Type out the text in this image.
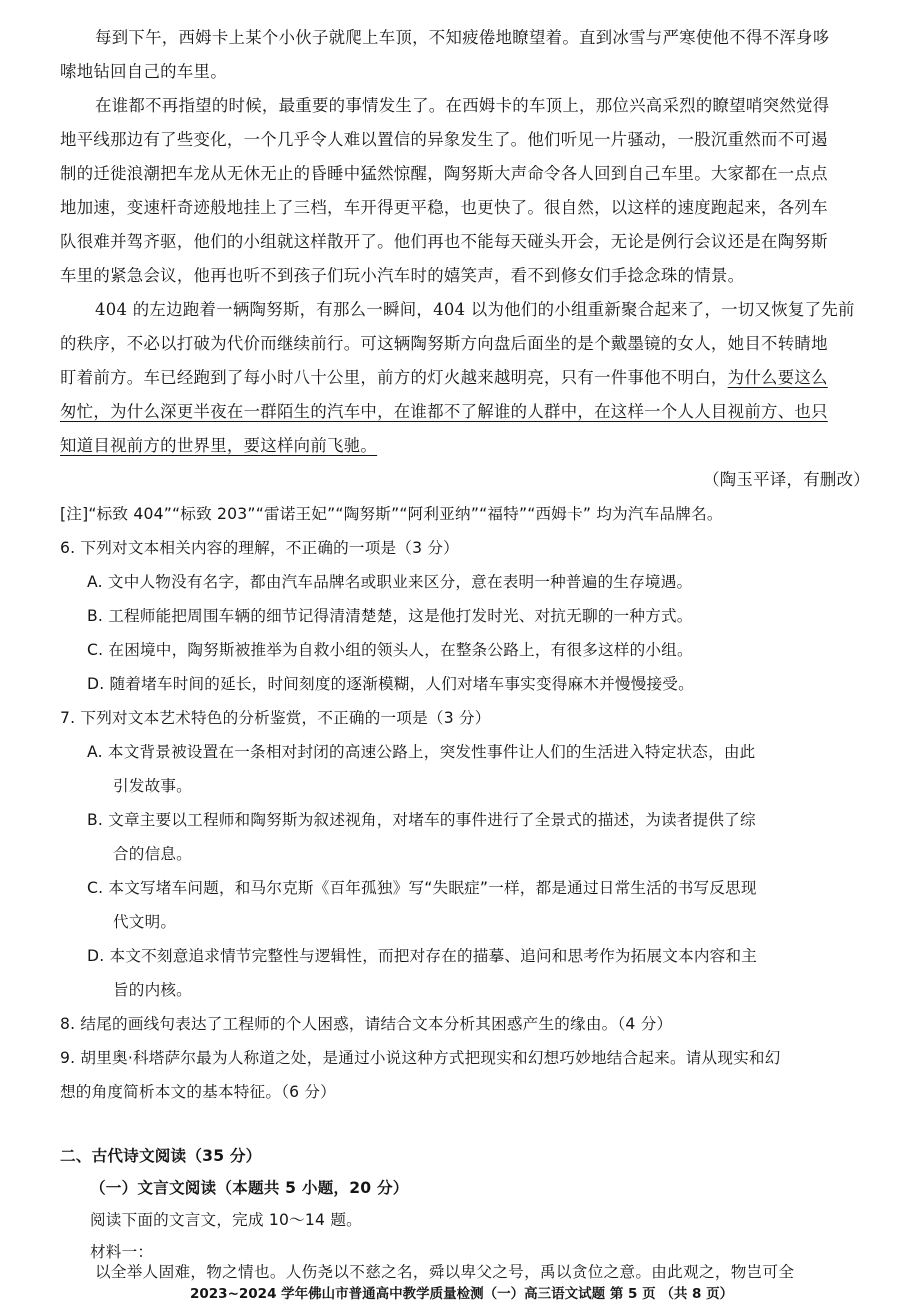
每到下午，西姆卡上某个小伙子就爬上车顶，不知疲倦地瞭望着。直到冰雪与严寒使他不得不浑身哆
嗦地钻回自己的车里。
在谁都不再指望的时候，最重要的事情发生了。在西姆卡的车顶上，那位兴高采烈的瞭望哨突然觉得
地平线那边有了些变化，一个几乎令人难以置信的异象发生了。他们听见一片骚动，一股沉重然而不可遏
制的迁徙浪潮把车龙从无休无止的昏睡中猛然惊醒，陶努斯大声命令各人回到自己车里。大家都在一点点
地加速，变速杆奇迹般地挂上了三档，车开得更平稳，也更快了。很自然，以这样的速度跑起来，各列车
队很难并驾齐驱，他们的小组就这样散开了。他们再也不能每天碰头开会，无论是例行会议还是在陶努斯
车里的紧急会议，他再也听不到孩子们玩小汽车时的嬉笑声，看不到修女们手捻念珠的情景。
404 的左边跑着一辆陶努斯，有那么一瞬间，404 以为他们的小组重新聚合起来了，一切又恢复了先前
的秩序，不必以打破为代价而继续前行。可这辆陶努斯方向盘后面坐的是个戴墨镜的女人，她目不转睛地
盯着前方。车已经跑到了每小时八十公里，前方的灯火越来越明亮，只有一件事他不明白，为什么要这么
匆忙，为什么深更半夜在一群陌生的汽车中，在谁都不了解谁的人群中，在这样一个人人目视前方、也只
知道目视前方的世界里，要这样向前飞驰。
（陶玉平译，有删改）
[注]“标致 404”“标致 203”“雷诺王妃”“陶努斯”“阿利亚纳”“福特”“西姆卡” 均为汽车品牌名。
6. 下列对文本相关内容的理解，不正确的一项是（3 分）
A. 文中人物没有名字，都由汽车品牌名或职业来区分，意在表明一种普遍的生存境遇。
B. 工程师能把周围车辆的细节记得清清楚楚，这是他打发时光、对抗无聊的一种方式。
C. 在困境中，陶努斯被推举为自救小组的领头人，在整条公路上，有很多这样的小组。
D. 随着堵车时间的延长，时间刻度的逐渐模糊，人们对堵车事实变得麻木并慢慢接受。
7. 下列对文本艺术特色的分析鉴赏，不正确的一项是（3 分）
A. 本文背景被设置在一条相对封闭的高速公路上，突发性事件让人们的生活进入特定状态，由此
引发故事。
B. 文章主要以工程师和陶努斯为叙述视角，对堵车的事件进行了全景式的描述，为读者提供了综
合的信息。
C. 本文写堵车问题，和马尔克斯《百年孤独》写“失眠症”一样，都是通过日常生活的书写反思现
代文明。
D. 本文不刻意追求情节完整性与逻辑性，而把对存在的描摹、追问和思考作为拓展文本内容和主
旨的内核。
8. 结尾的画线句表达了工程师的个人困惑，请结合文本分析其困惑产生的缘由。（4 分）
9. 胡里奥·科塔萨尔最为人称道之处，是通过小说这种方式把现实和幻想巧妙地结合起来。请从现实和幻
想的角度简析本文的基本特征。（6 分）
二、古代诗文阅读（35 分）
（一）文言文阅读（本题共 5 小题，20 分）
阅读下面的文言文，完成 10～14 题。
材料一：
以全举人固难，物之情也。人伤尧以不慈之名，舜以卑父之号，禹以贪位之意。由此观之，物岂可全
2023~2024 学年佛山市普通高中教学质量检测（一）高三语文试题 第 5 页 （共 8 页）
